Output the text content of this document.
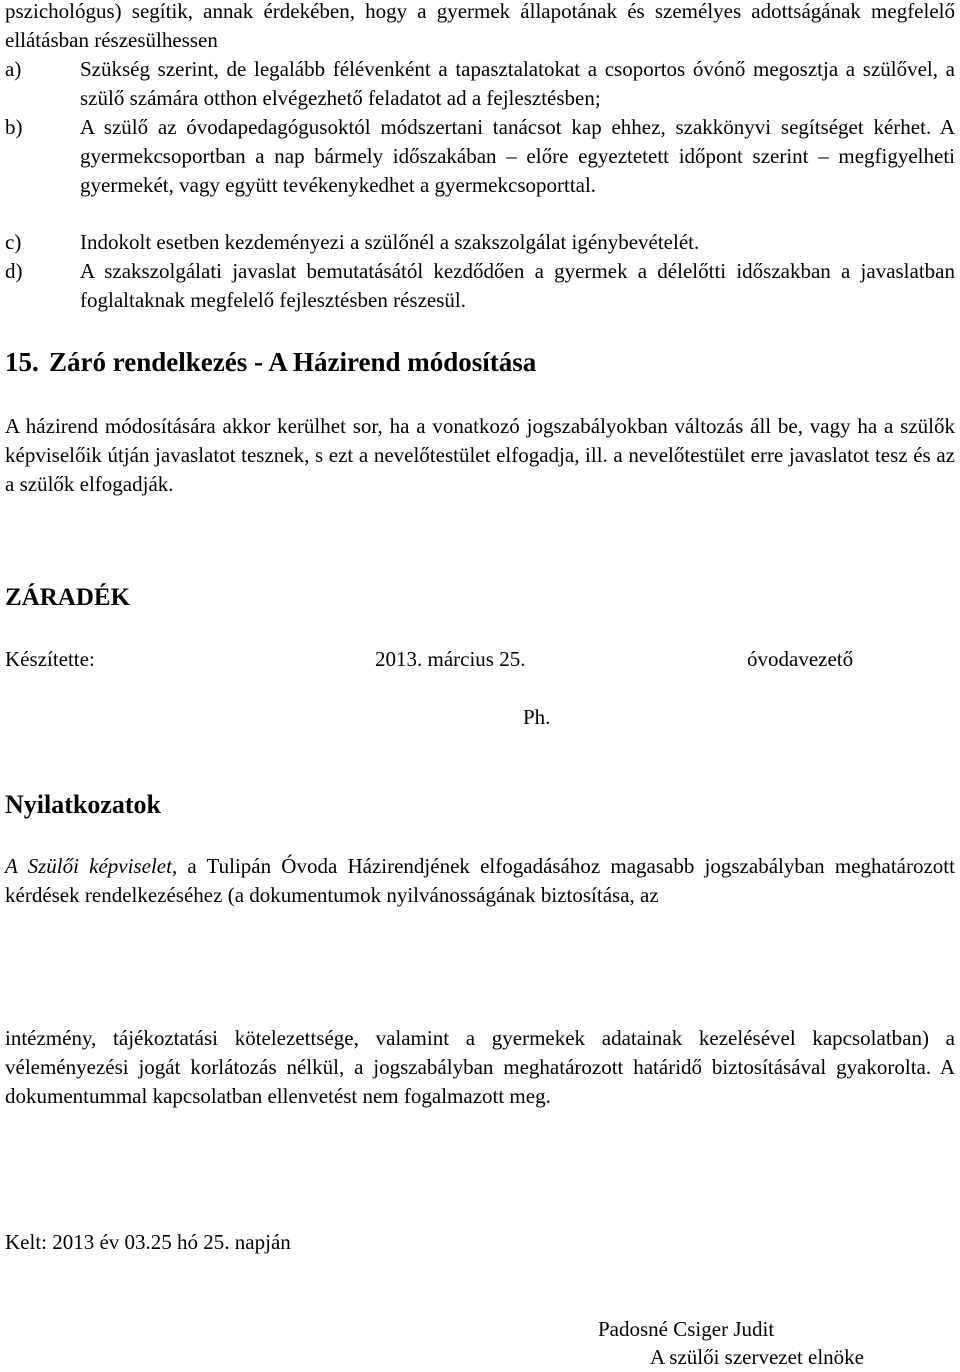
pszichológus) segítik, annak érdekében, hogy a gyermek állapotának és személyes adottságának megfelelő ellátásban részesülhessen
a)	Szükség szerint, de legalább félévenként a tapasztalatokat a csoportos óvónő megosztja a szülővel, a szülő számára otthon elvégezhető feladatot ad a fejlesztésben;
b)	A szülő az óvodapedagógusoktól módszertani tanácsot kap ehhez, szakkönyvi segítséget kérhet. A gyermekcsoportban a nap bármely időszakában – előre egyeztetett időpont szerint – megfigyelheti gyermekét, vagy együtt tevékenykedhet a gyermekcsoporttal.
c)	Indokolt esetben kezdeményezi a szülőnél a szakszolgálat igénybevételét.
d)	A szakszolgálati javaslat bemutatásától kezdődően a gyermek a délelőtti időszakban a javaslatban foglaltaknak megfelelő fejlesztésben részesül.
15. Záró rendelkezés - A Házirend módosítása
A házirend módosítására akkor kerülhet sor, ha a vonatkozó jogszabályokban változás áll be, vagy ha a szülők képviselőik útján javaslatot tesznek, s ezt a nevelőtestület elfogadja, ill. a nevelőtestület erre javaslatot tesz és az a szülők elfogadják.
ZÁRADÉK
Készítette:	2013. március 25.	óvodavezető
Ph.
Nyilatkozatok
A Szülői képviselet, a Tulipán Óvoda Házirendjének elfogadásához magasabb jogszabályban meghatározott kérdések rendelkezéséhez (a dokumentumok nyilvánosságának biztosítása, az
intézmény, tájékoztatási kötelezettsége, valamint a gyermekek adatainak kezelésével kapcsolatban) a véleményezési jogát korlátozás nélkül, a jogszabályban meghatározott határidő biztosításával gyakorolta. A dokumentummal kapcsolatban ellenvetést nem fogalmazott meg.
Kelt: 2013 év 03.25 hó 25. napján
Padosné Csiger Judit
A szülői szervezet elnöke
